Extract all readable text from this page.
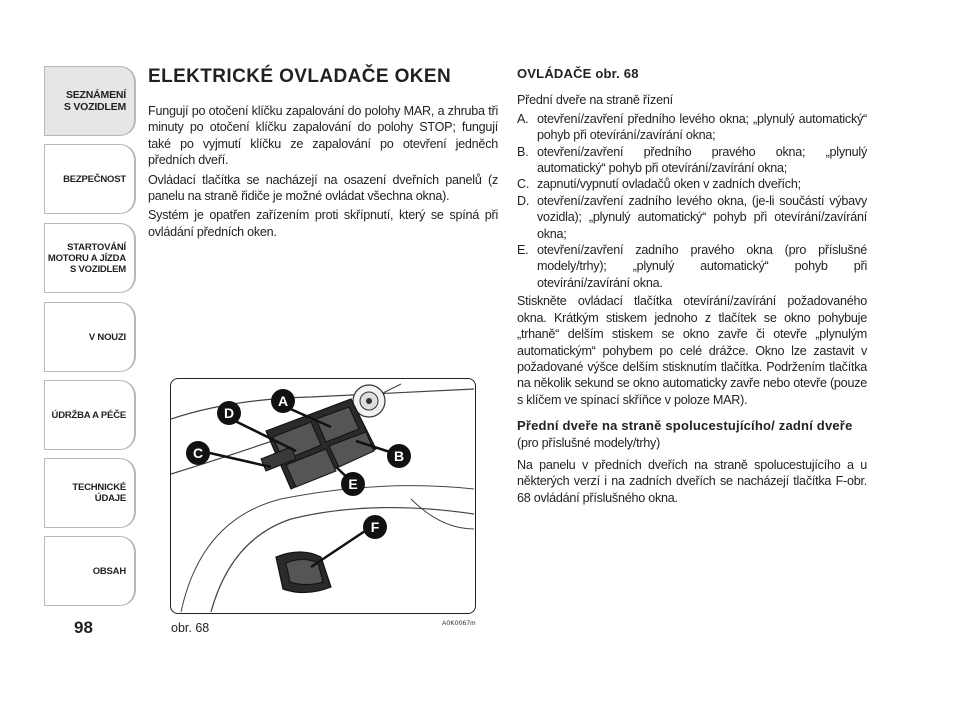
SEZNÁMENÍ
S VOZIDLEM
BEZPEČNOST
STARTOVÁNÍ
MOTORU A JÍZDA
S VOZIDLEM
V NOUZI
ÚDRŽBA A PÉČE
TECHNICKÉ
ÚDAJE
OBSAH
98
ELEKTRICKÉ OVLADAČE OKEN

Fungují po otočení klíčku zapalování do polohy MAR, a zhruba tři minuty po otočení klíčku zapalování do polohy STOP; fungují také po vyjmutí klíčku ze zapalování po otevření jedněch předních dveří.

Ovládací tlačítka se nacházejí na osazení dveřních panelů (z panelu na straně řidiče je možné ovládat všechna okna).

Systém je opatřen zařízením proti skřípnutí, který se spíná při ovládání předních oken.

A
D
C	B
E
F
obr. 68	A0K0067m
OVLÁDAČE obr. 68

Přední dveře na straně řízení

A. otevření/zavření předního levého okna; „plynulý automatický“ pohyb při otevírání/zavírání okna;
B. otevření/zavření předního pravého okna; „plynulý automatický“ pohyb při otevírání/zavírání okna;
C. zapnutí/vypnutí ovladačů oken v zadních dveřích;
D. otevření/zavření zadního levého okna, (je-li součástí výbavy vozidla); „plynulý automatický“ pohyb při otevírání/zavírání okna;
E. otevření/zavření zadního pravého okna (pro příslušné modely/trhy); „plynulý automatický“ pohyb při otevírání/zavírání okna.

Stiskněte ovládací tlačítka otevírání/zavírání požadovaného okna. Krátkým stiskem jednoho z tlačítek se okno pohybuje „trhaně“ delším stiskem se okno zavře či otevře „plynulým automatickým“ pohybem po celé drážce. Okno lze zastavit v požadované výšce delším stisknutím tlačítka. Podržením tlačítka na několik sekund se okno automaticky zavře nebo otevře (pouze s klíčem ve spínací skříňce v poloze MAR).

Přední dveře na straně spolucestujícího/ zadní dveře (pro příslušné modely/trhy)

Na panelu v předních dveřích na straně spolucestujícího a u některých verzí i na zadních dveřích se nacházejí tlačítka F-obr. 68 ovládání příslušného okna.
